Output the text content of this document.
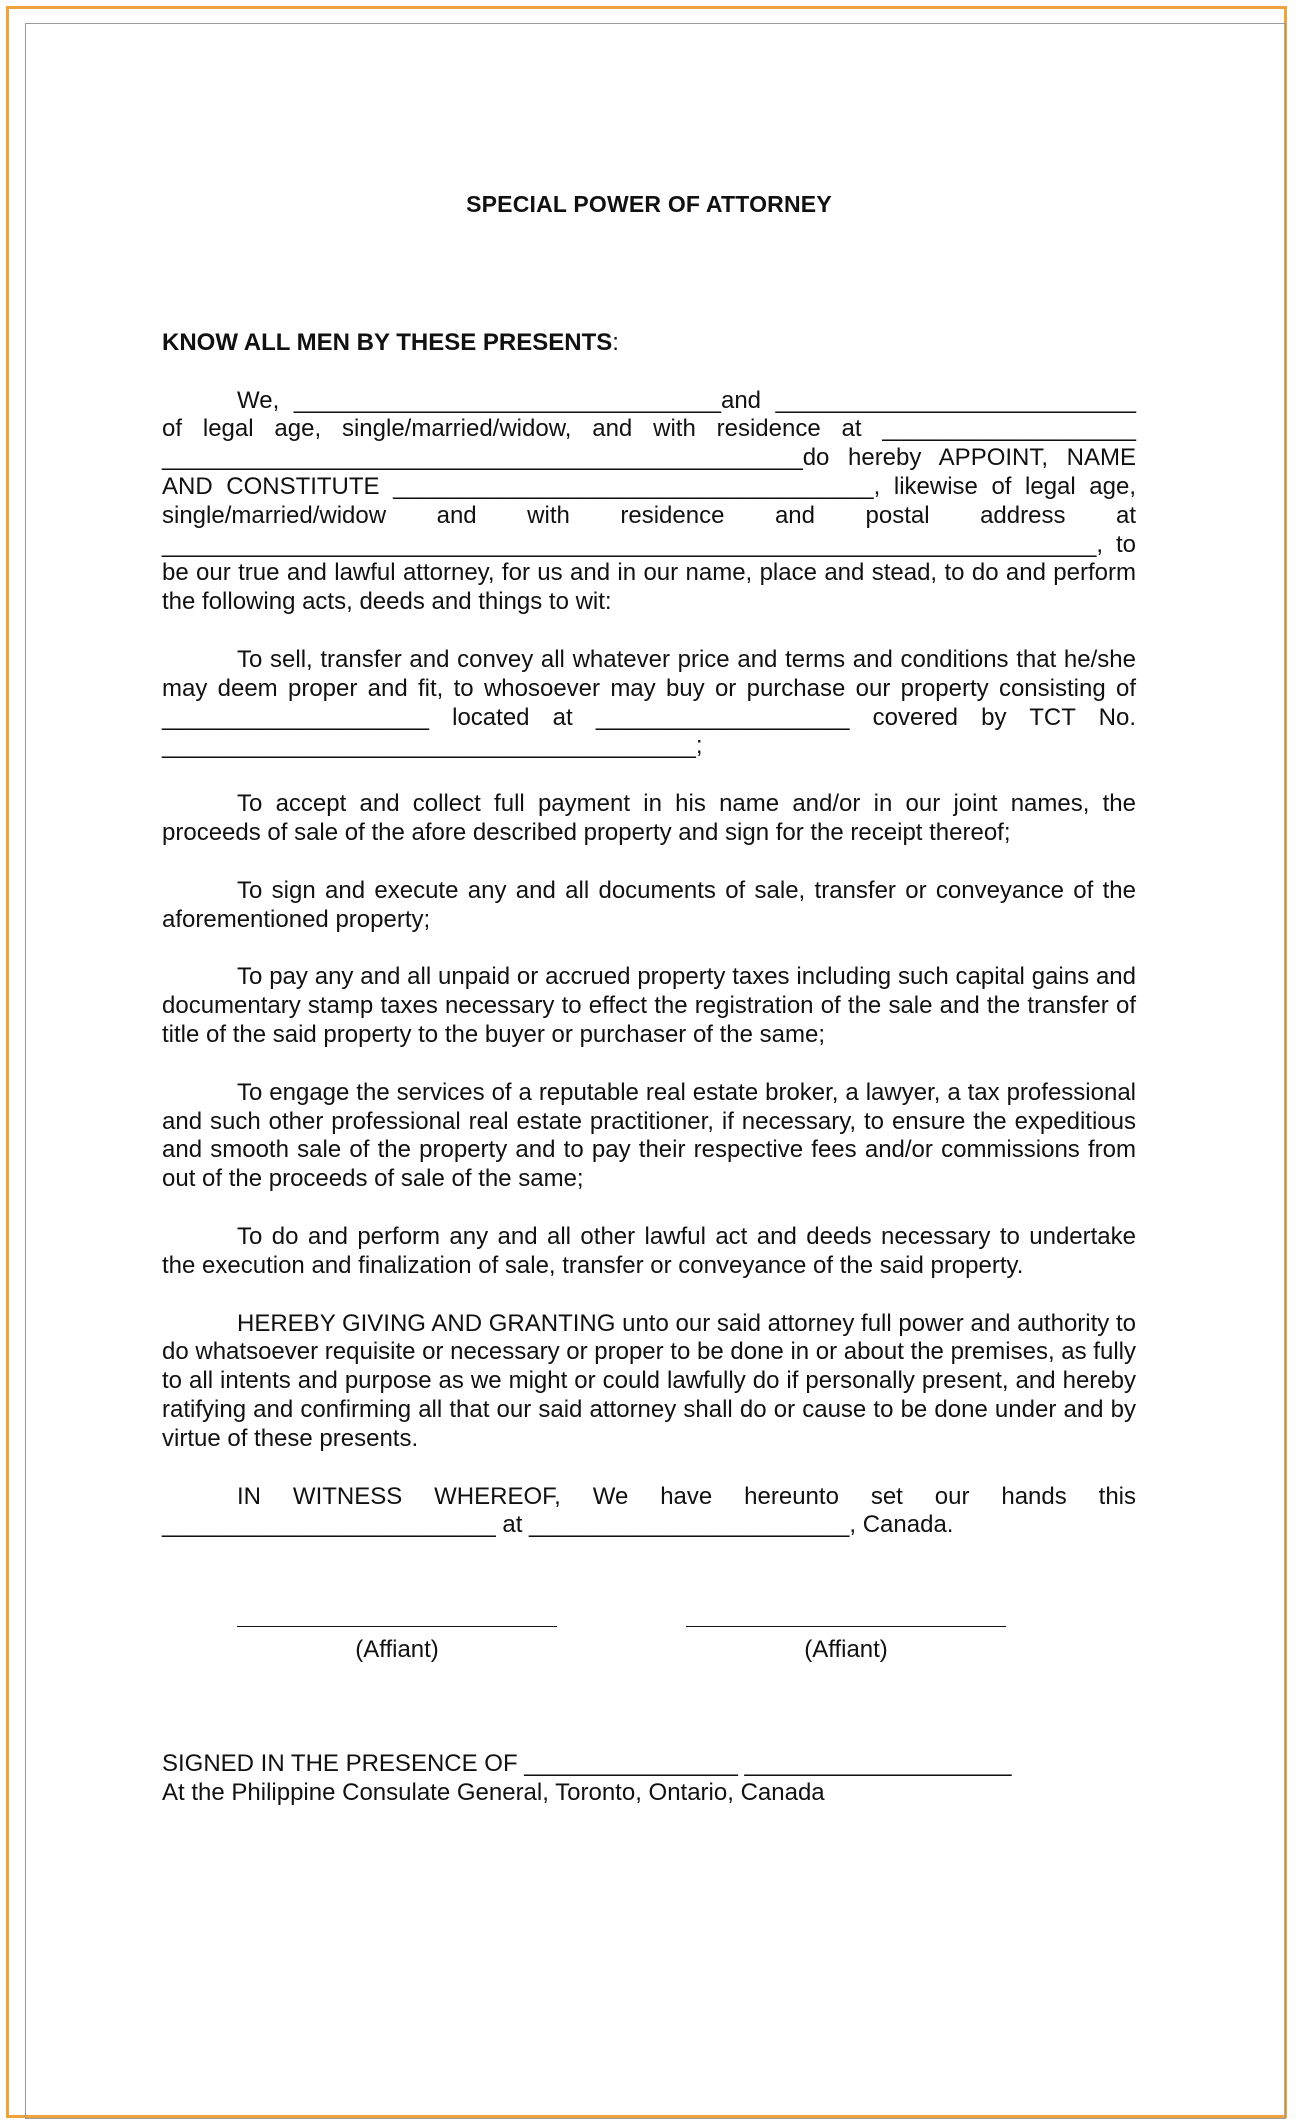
SPECIAL POWER OF ATTORNEY
KNOW ALL MEN BY THESE PRESENTS:

We, ________________________________and ___________________________ of legal age, single/married/widow, and with residence at ___________________ ________________________________________________do hereby APPOINT, NAME AND CONSTITUTE ____________________________________, likewise of legal age, single/married/widow and with residence and postal address at ______________________________________________________________________, to be our true and lawful attorney, for us and in our name, place and stead, to do and perform the following acts, deeds and things to wit:

To sell, transfer and convey all whatever price and terms and conditions that he/she may deem proper and fit, to whosoever may buy or purchase our property consisting of ____________________ located at ___________________ covered by TCT No. ________________________________________;

To accept and collect full payment in his name and/or in our joint names, the proceeds of sale of the afore described property and sign for the receipt thereof;

To sign and execute any and all documents of sale, transfer or conveyance of the aforementioned property;

To pay any and all unpaid or accrued property taxes including such capital gains and documentary stamp taxes necessary to effect the registration of the sale and the transfer of title of the said property to the buyer or purchaser of the same;

To engage the services of a reputable real estate broker, a lawyer, a tax professional and such other professional real estate practitioner, if necessary, to ensure the expeditious and smooth sale of the property and to pay their respective fees and/or commissions from out of the proceeds of sale of the same;

To do and perform any and all other lawful act and deeds necessary to undertake the execution and finalization of sale, transfer or conveyance of the said property.

HEREBY GIVING AND GRANTING unto our said attorney full power and authority to do whatsoever requisite or necessary or proper to be done in or about the premises, as fully to all intents and purpose as we might or could lawfully do if personally present, and hereby ratifying and confirming all that our said attorney shall do or cause to be done under and by virtue of these presents.

IN WITNESS WHEREOF, We have hereunto set our hands this _________________________ at ________________________, Canada.

(Affiant)	(Affiant)
SIGNED IN THE PRESENCE OF ________________ ____________________
At the Philippine Consulate General, Toronto, Ontario, Canada
